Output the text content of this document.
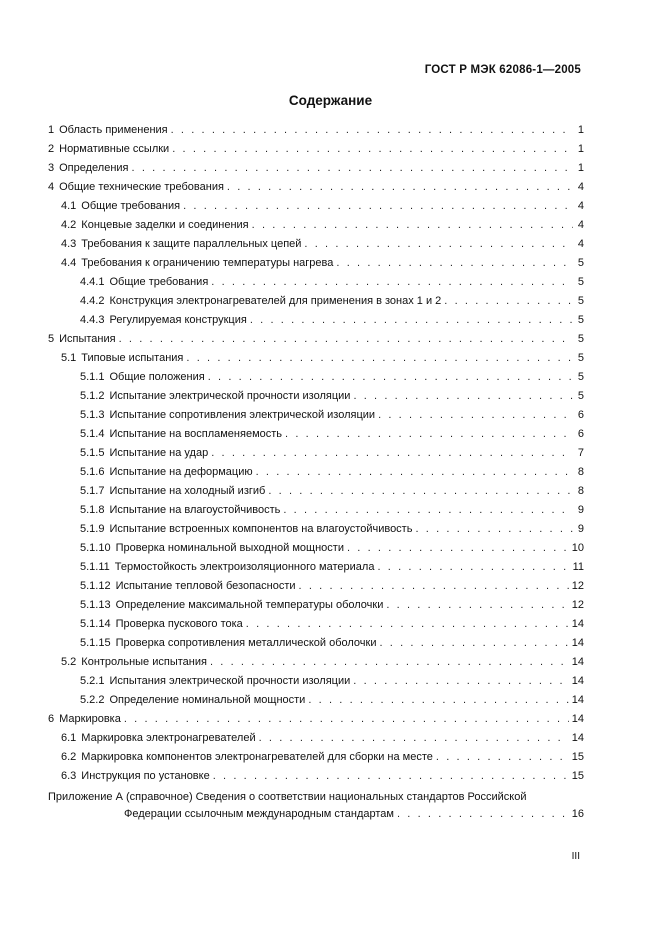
ГОСТ Р МЭК 62086-1—2005
Содержание
1 Область применения . . .	1
2 Нормативные ссылки . . .	1
3 Определения . . .	1
4 Общие технические требования . . .	4
4.1 Общие требования . . .	4
4.2 Концевые заделки и соединения . . .	4
4.3 Требования к защите параллельных цепей . . .	4
4.4 Требования к ограничению температуры нагрева . . .	5
4.4.1 Общие требования . . .	5
4.4.2 Конструкция электронагревателей для применения в зонах 1 и 2 . . .	5
4.4.3 Регулируемая конструкция . . .	5
5 Испытания . . .	5
5.1 Типовые испытания . . .	5
5.1.1 Общие положения . . .	5
5.1.2 Испытание электрической прочности изоляции . . .	5
5.1.3 Испытание сопротивления электрической изоляции . . .	6
5.1.4 Испытание на воспламеняемость . . .	6
5.1.5 Испытание на удар . . .	7
5.1.6 Испытание на деформацию . . .	8
5.1.7 Испытание на холодный изгиб . . .	8
5.1.8 Испытание на влагоустойчивость . . .	9
5.1.9 Испытание встроенных компонентов на влагоустойчивость . . .	9
5.1.10 Проверка номинальной выходной мощности . . .	10
5.1.11 Термостойкость электроизоляционного материала . . .	11
5.1.12 Испытание тепловой безопасности . . .	12
5.1.13 Определение максимальной температуры оболочки . . .	12
5.1.14 Проверка пускового тока . . .	14
5.1.15 Проверка сопротивления металлической оболочки . . .	14
5.2 Контрольные испытания . . .	14
5.2.1 Испытания электрической прочности изоляции . . .	14
5.2.2 Определение номинальной мощности . . .	14
6 Маркировка . . .	14
6.1 Маркировка электронагревателей . . .	14
6.2 Маркировка компонентов электронагревателей для сборки на месте . . .	15
6.3 Инструкция по установке . . .	15
Приложение А (справочное) Сведения о соответствии национальных стандартов Российской
Федерации ссылочным международным стандартам . . .	16
III
